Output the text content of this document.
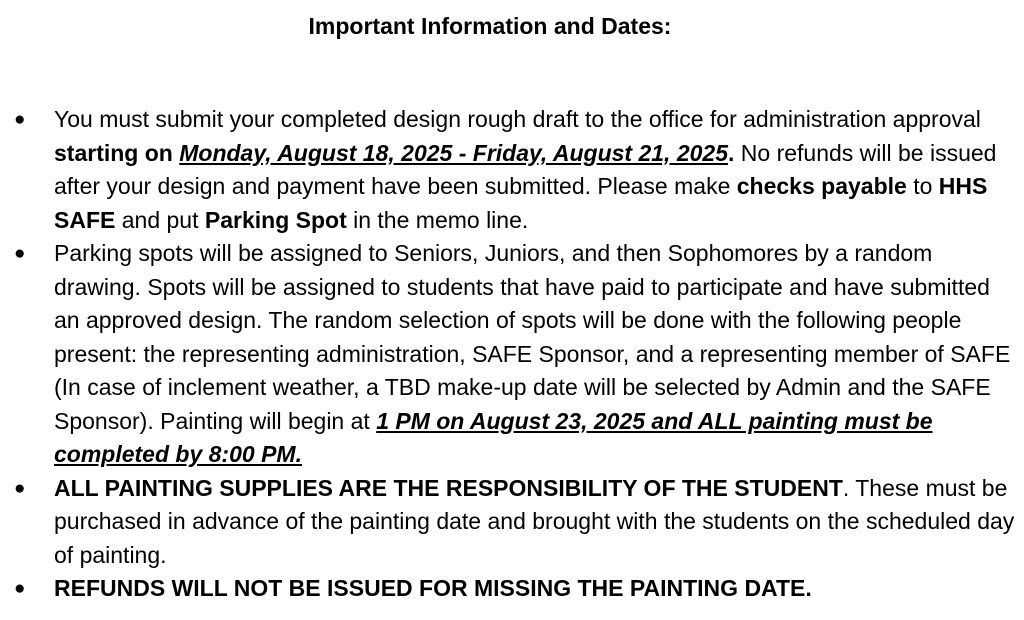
Important Information and Dates:
● You must submit your completed design rough draft to the office for administration approval starting on Monday, August 18, 2025 - Friday, August 21, 2025. No refunds will be issued after your design and payment have been submitted. Please make checks payable to HHS SAFE and put Parking Spot in the memo line.
● Parking spots will be assigned to Seniors, Juniors, and then Sophomores by a random drawing. Spots will be assigned to students that have paid to participate and have submitted an approved design. The random selection of spots will be done with the following people present: the representing administration, SAFE Sponsor, and a representing member of SAFE (In case of inclement weather, a TBD make-up date will be selected by Admin and the SAFE Sponsor). Painting will begin at 1 PM on August 23, 2025 and ALL painting must be completed by 8:00 PM.
● ALL PAINTING SUPPLIES ARE THE RESPONSIBILITY OF THE STUDENT. These must be purchased in advance of the painting date and brought with the students on the scheduled day of painting.
● REFUNDS WILL NOT BE ISSUED FOR MISSING THE PAINTING DATE.
